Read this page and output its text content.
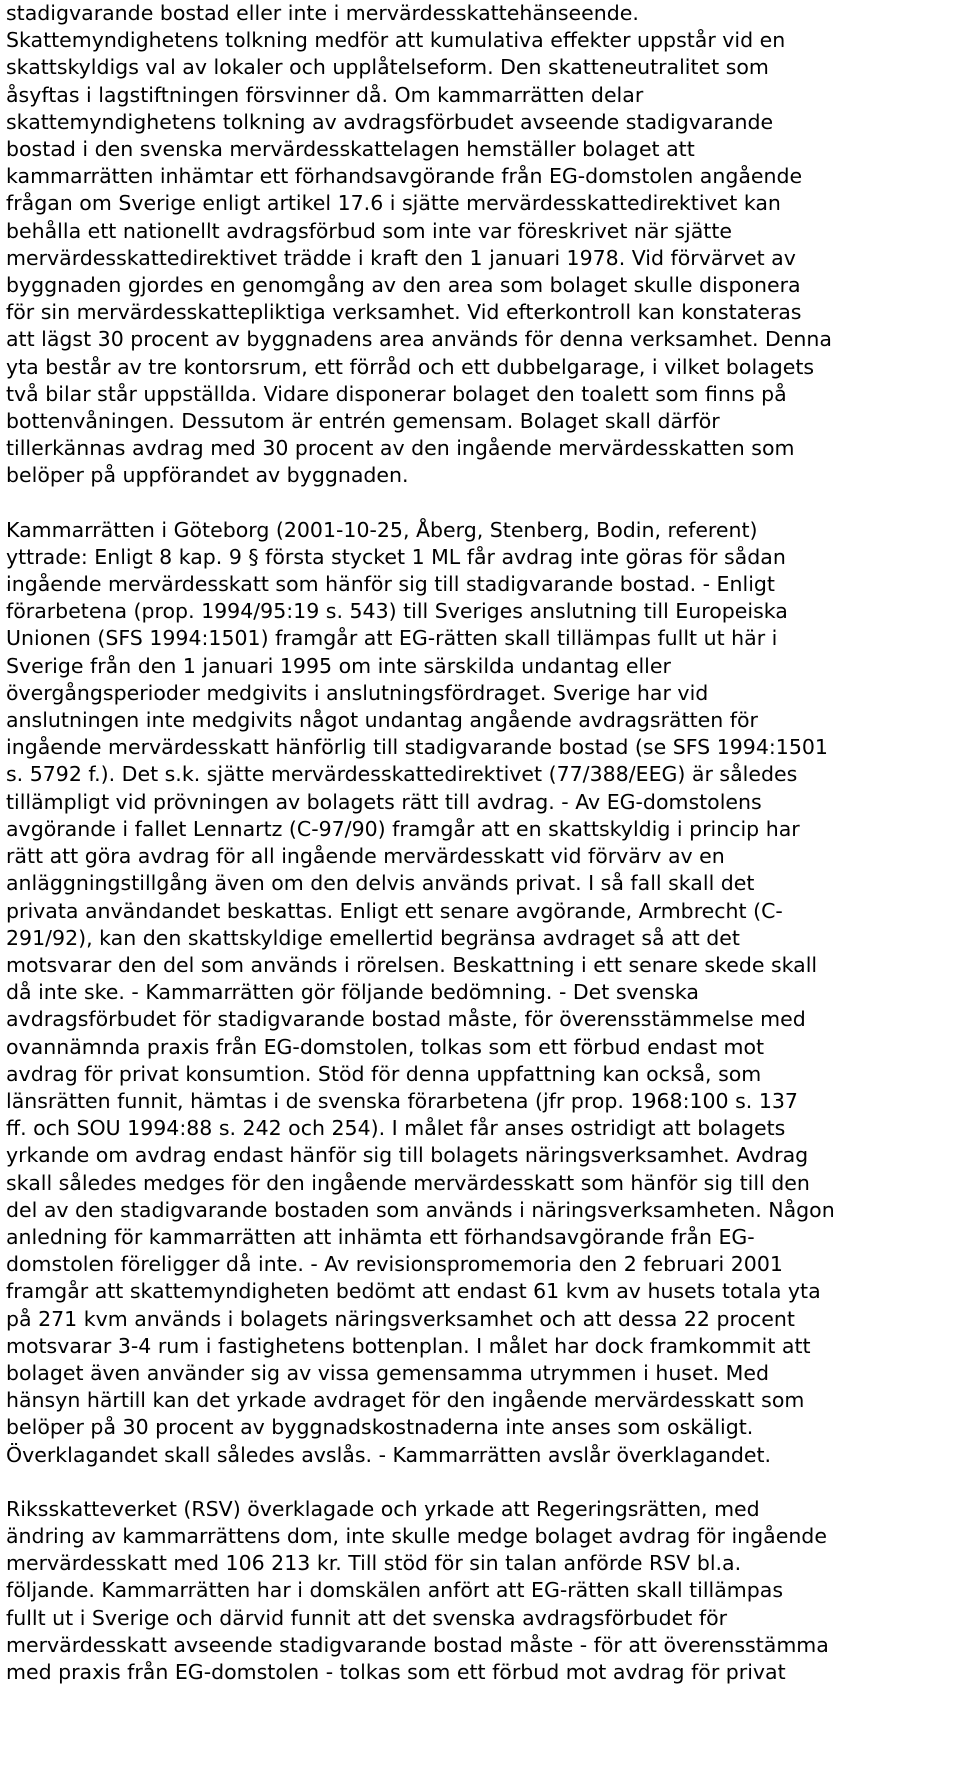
stadigvarande bostad eller inte i mervärdesskattehänseende.
Skattemyndighetens tolkning medför att kumulativa effekter uppstår vid en
skattskyldigs val av lokaler och upplåtelseform. Den skatteneutralitet som
åsyftas i lagstiftningen försvinner då. Om kammarrätten delar
skattemyndighetens tolkning av avdragsförbudet avseende stadigvarande
bostad i den svenska mervärdesskattelagen hemställer bolaget att
kammarrätten inhämtar ett förhandsavgörande från EG-domstolen angående
frågan om Sverige enligt artikel 17.6 i sjätte mervärdesskattedirektivet kan
behålla ett nationellt avdragsförbud som inte var föreskrivet när sjätte
mervärdesskattedirektivet trädde i kraft den 1 januari 1978. Vid förvärvet av
byggnaden gjordes en genomgång av den area som bolaget skulle disponera
för sin mervärdesskattepliktiga verksamhet. Vid efterkontroll kan konstateras
att lägst 30 procent av byggnadens area används för denna verksamhet. Denna
yta består av tre kontorsrum, ett förråd och ett dubbelgarage, i vilket bolagets
två bilar står uppställda. Vidare disponerar bolaget den toalett som finns på
bottenvåningen. Dessutom är entrén gemensam. Bolaget skall därför
tillerkännas avdrag med 30 procent av den ingående mervärdesskatten som
belöper på uppförandet av byggnaden.

Kammarrätten i Göteborg (2001-10-25, Åberg, Stenberg, Bodin, referent)
yttrade: Enligt 8 kap. 9 § första stycket 1 ML får avdrag inte göras för sådan
ingående mervärdesskatt som hänför sig till stadigvarande bostad. - Enligt
förarbetena (prop. 1994/95:19 s. 543) till Sveriges anslutning till Europeiska
Unionen (SFS 1994:1501) framgår att EG-rätten skall tillämpas fullt ut här i
Sverige från den 1 januari 1995 om inte särskilda undantag eller
övergångsperioder medgivits i anslutningsfördraget. Sverige har vid
anslutningen inte medgivits något undantag angående avdragsrätten för
ingående mervärdesskatt hänförlig till stadigvarande bostad (se SFS 1994:1501
s. 5792 f.). Det s.k. sjätte mervärdesskattedirektivet (77/388/EEG) är således
tillämpligt vid prövningen av bolagets rätt till avdrag. - Av EG-domstolens
avgörande i fallet Lennartz (C-97/90) framgår att en skattskyldig i princip har
rätt att göra avdrag för all ingående mervärdesskatt vid förvärv av en
anläggningstillgång även om den delvis används privat. I så fall skall det
privata användandet beskattas. Enligt ett senare avgörande, Armbrecht (C-
291/92), kan den skattskyldige emellertid begränsa avdraget så att det
motsvarar den del som används i rörelsen. Beskattning i ett senare skede skall
då inte ske. - Kammarrätten gör följande bedömning. - Det svenska
avdragsförbudet för stadigvarande bostad måste, för överensstämmelse med
ovannämnda praxis från EG-domstolen, tolkas som ett förbud endast mot
avdrag för privat konsumtion. Stöd för denna uppfattning kan också, som
länsrätten funnit, hämtas i de svenska förarbetena (jfr prop. 1968:100 s. 137
ff. och SOU 1994:88 s. 242 och 254). I målet får anses ostridigt att bolagets
yrkande om avdrag endast hänför sig till bolagets näringsverksamhet. Avdrag
skall således medges för den ingående mervärdesskatt som hänför sig till den
del av den stadigvarande bostaden som används i näringsverksamheten. Någon
anledning för kammarrätten att inhämta ett förhandsavgörande från EG-
domstolen föreligger då inte. - Av revisionspromemoria den 2 februari 2001
framgår att skattemyndigheten bedömt att endast 61 kvm av husets totala yta
på 271 kvm används i bolagets näringsverksamhet och att dessa 22 procent
motsvarar 3-4 rum i fastighetens bottenplan. I målet har dock framkommit att
bolaget även använder sig av vissa gemensamma utrymmen i huset. Med
hänsyn härtill kan det yrkade avdraget för den ingående mervärdesskatt som
belöper på 30 procent av byggnadskostnaderna inte anses som oskäligt.
Överklagandet skall således avslås. - Kammarrätten avslår överklagandet.

Riksskatteverket (RSV) överklagade och yrkade att Regeringsrätten, med
ändring av kammarrättens dom, inte skulle medge bolaget avdrag för ingående
mervärdesskatt med 106 213 kr. Till stöd för sin talan anförde RSV bl.a.
följande. Kammarrätten har i domskälen anfört att EG-rätten skall tillämpas
fullt ut i Sverige och därvid funnit att det svenska avdragsförbudet för
mervärdesskatt avseende stadigvarande bostad måste - för att överensstämma
med praxis från EG-domstolen - tolkas som ett förbud mot avdrag för privat
